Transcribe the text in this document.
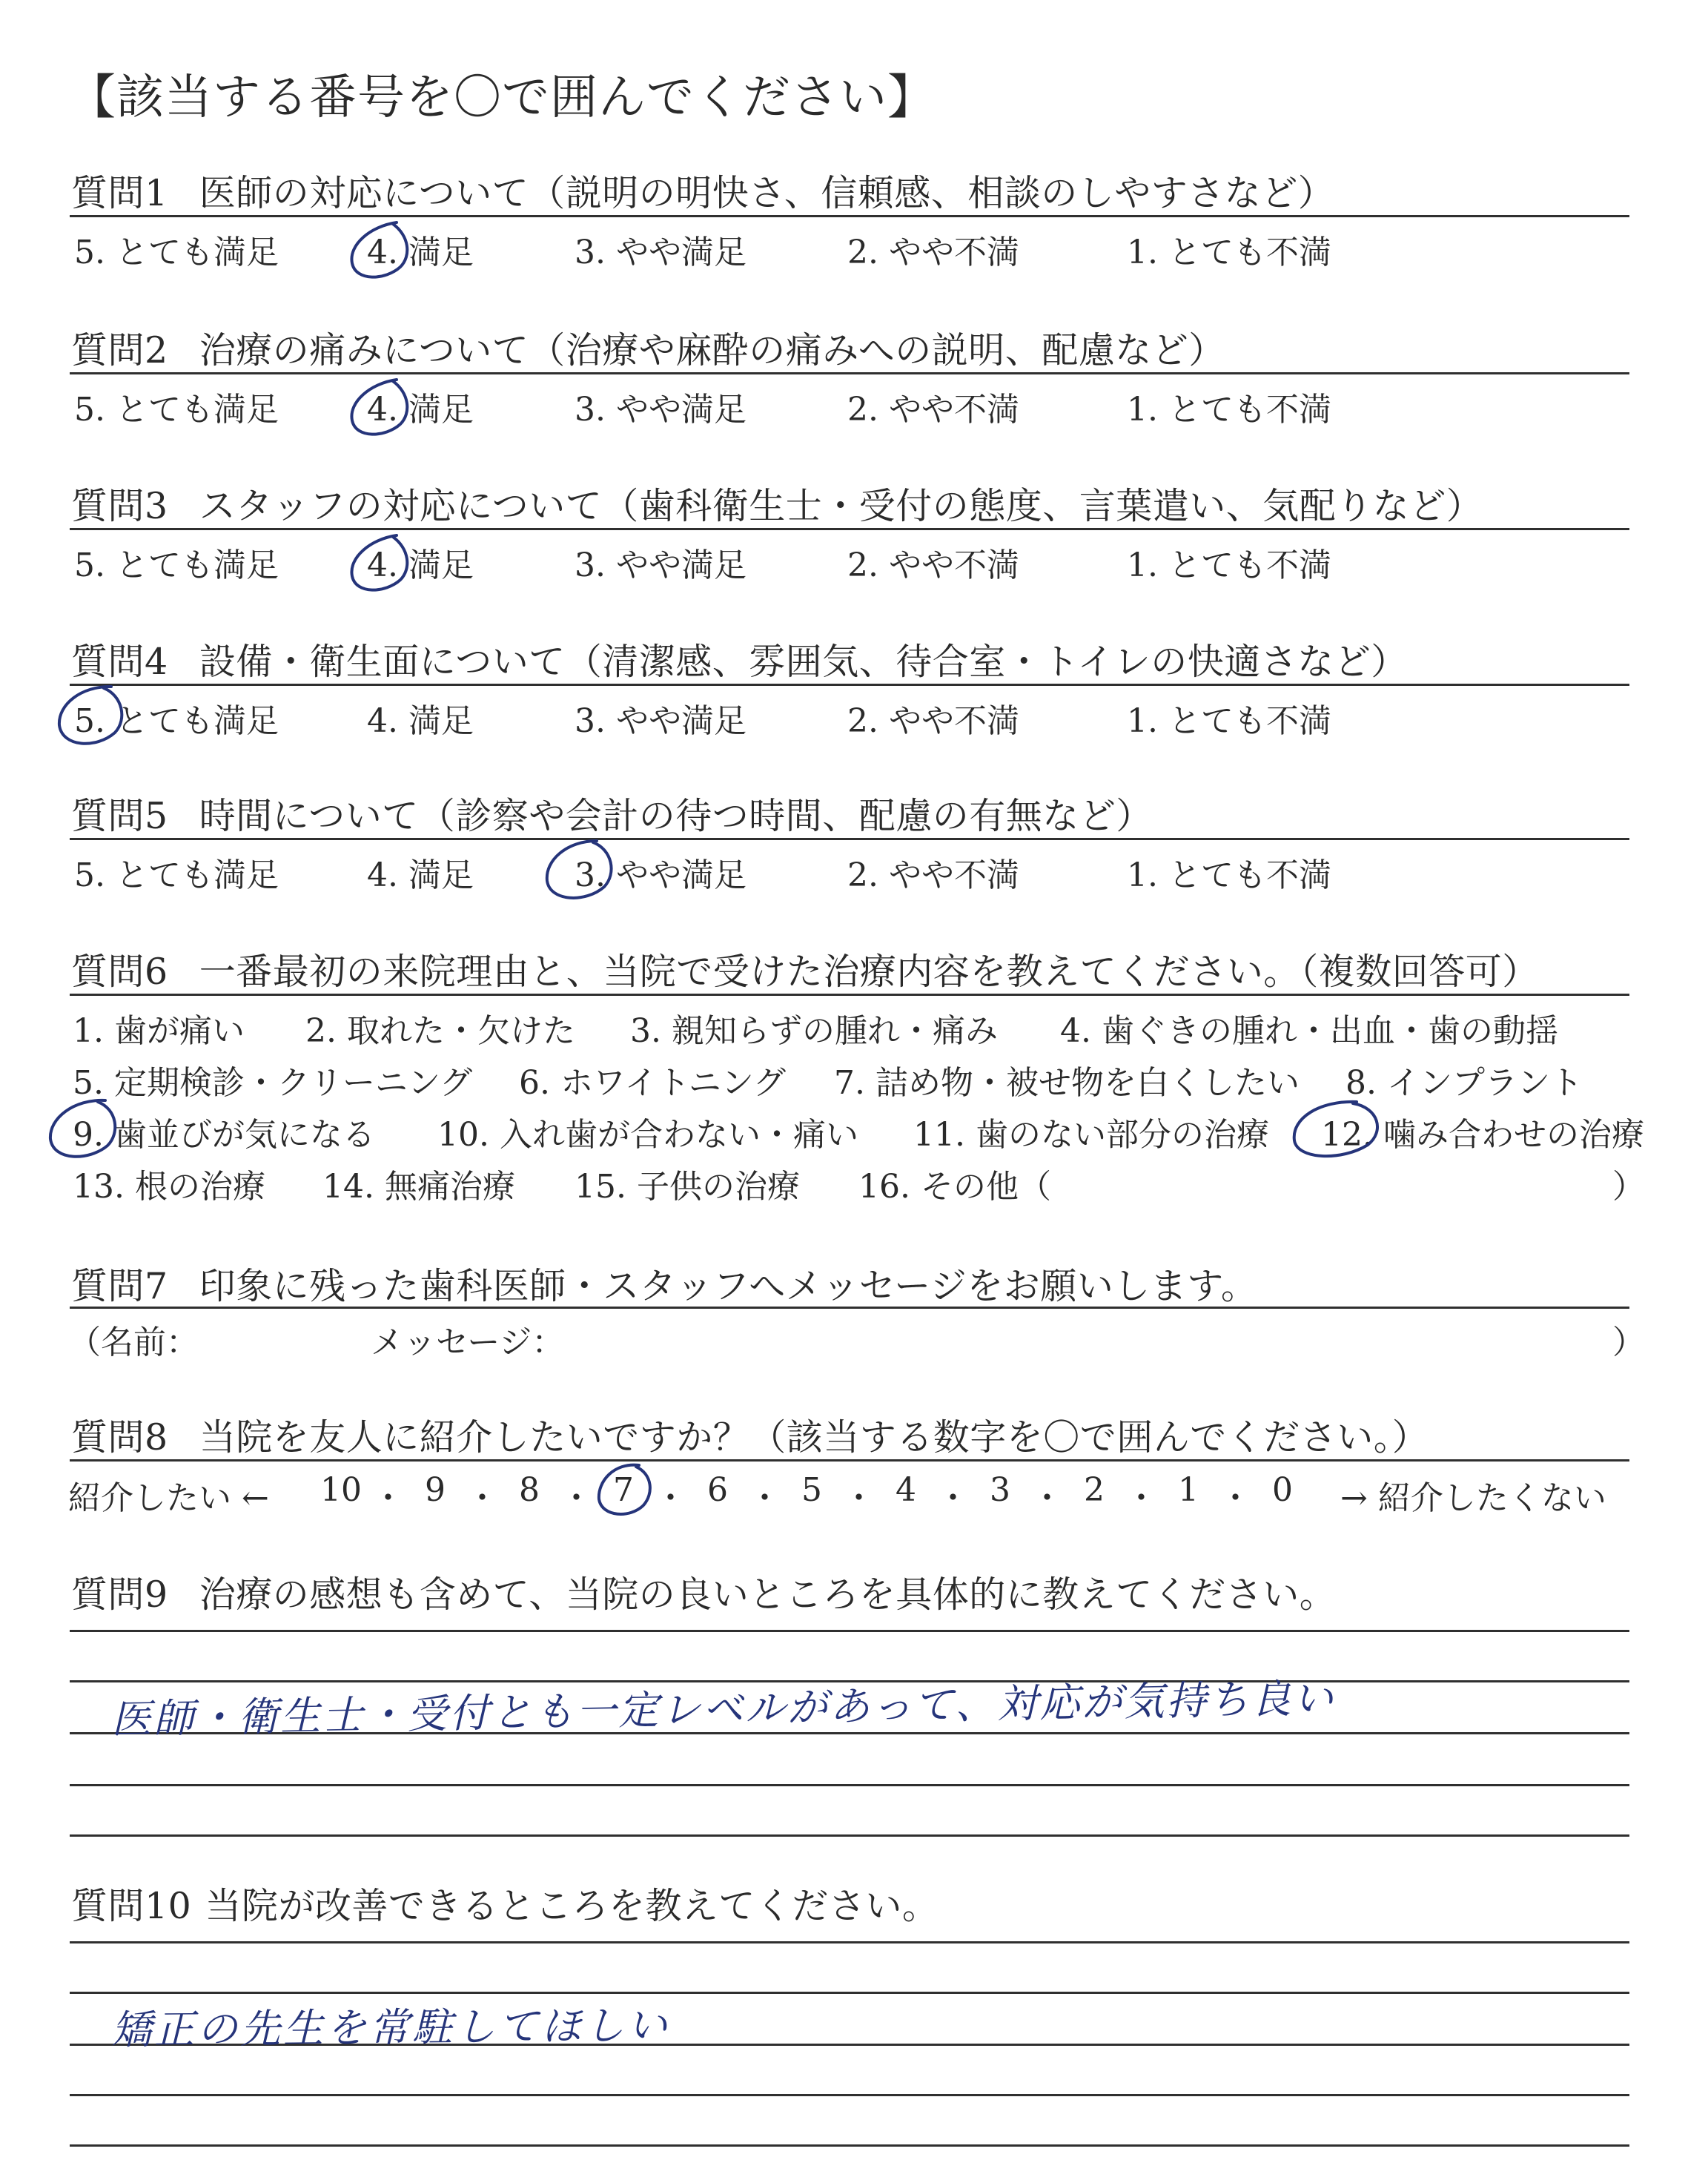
【該当する番号を〇で囲んでください】
質問1 医師の対応について（説明の明快さ、信頼感、相談のしやすさなど）
5. とても満足	4. 満足	3. やや満足	2. やや不満	1. とても不満
質問2 治療の痛みについて（治療や麻酔の痛みへの説明、配慮など）
5. とても満足	4. 満足	3. やや満足	2. やや不満	1. とても不満
質問3 スタッフの対応について（歯科衛生士・受付の態度、言葉遣い、気配りなど）
5. とても満足	4. 満足	3. やや満足	2. やや不満	1. とても不満
質問4 設備・衛生面について（清潔感、雰囲気、待合室・トイレの快適さなど）
5. とても満足	4. 満足	3. やや満足	2. やや不満	1. とても不満
質問5 時間について（診察や会計の待つ時間、配慮の有無など）
5. とても満足	4. 満足	3. やや満足	2. やや不満	1. とても不満
質問6 一番最初の来院理由と、当院で受けた治療内容を教えてください。（複数回答可）
1. 歯が痛い 2. 取れた・欠けた 3. 親知らずの腫れ・痛み 4. 歯ぐきの腫れ・出血・歯の動揺
5. 定期検診・クリーニング 6. ホワイトニング 7. 詰め物・被せ物を白くしたい 8. インプラント
9. 歯並びが気になる 10. 入れ歯が合わない・痛い 11. 歯のない部分の治療 12. 噛み合わせの治療
13. 根の治療 14. 無痛治療 15. 子供の治療 16. その他（	）
質問7 印象に残った歯科医師・スタッフへメッセージをお願いします。
（名前：	メッセージ：	）
質問8 当院を友人に紹介したいですか？（該当する数字を〇で囲んでください。）
紹介したい ←	→ 紹介したくない
10 ・ 9 ・ 8 ・ 7 ・ 6 ・ 5 ・ 4 ・ 3 ・ 2 ・ 1 ・ 0
質問9 治療の感想も含めて、当院の良いところを具体的に教えてください。
医師・衛生士・受付とも一定レベルがあって、対応が気持ち良い
質問10 当院が改善できるところを教えてください。
矯正の先生を常駐してほしい
